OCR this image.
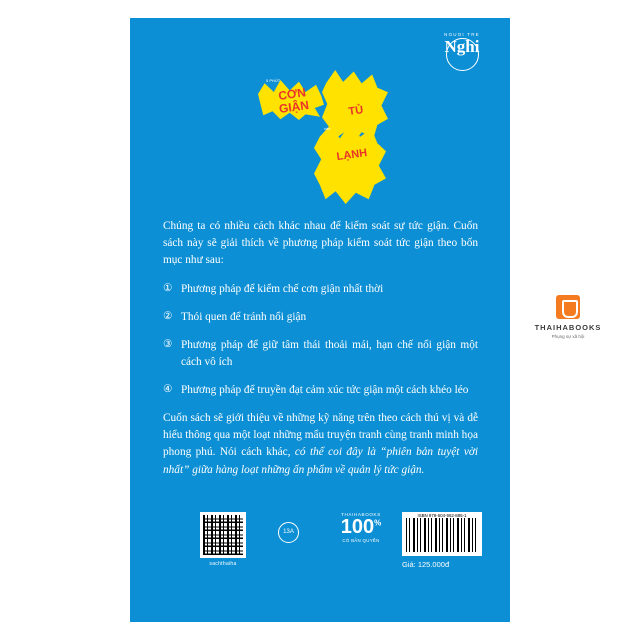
NGUOI TRE
Nghi
5 PHÚT
CƠN
GIẬN
vào
TỦ
LẠNH

Chúng ta có nhiều cách khác nhau để kiểm soát sự tức giận. Cuốn sách này sẽ giải thích về phương pháp kiểm soát tức giận theo bốn mục như sau:

① Phương pháp để kiểm chế cơn giận nhất thời
② Thói quen để tránh nổi giận
③ Phương pháp để giữ tâm thái thoải mái, hạn chế nổi giận một cách vô ích
④ Phương pháp để truyền đạt cảm xúc tức giận một cách khéo léo

Cuốn sách sẽ giới thiệu về những kỹ năng trên theo cách thú vị và dễ hiểu thông qua một loạt những mẩu truyện tranh cùng tranh minh họa phong phú. Nói cách khác, có thể coi đây là “phiên bản tuyệt vời nhất” giữa hàng loạt những ấn phẩm về quản lý tức giận.

sachthaiha
13A
THAIHABOOKS
100%
CÓ BẢN QUYỀN
ISBN 978-604-962-885-1
Giá: 125.000đ
THAIHABOOKS
Phụng sự xã hội
